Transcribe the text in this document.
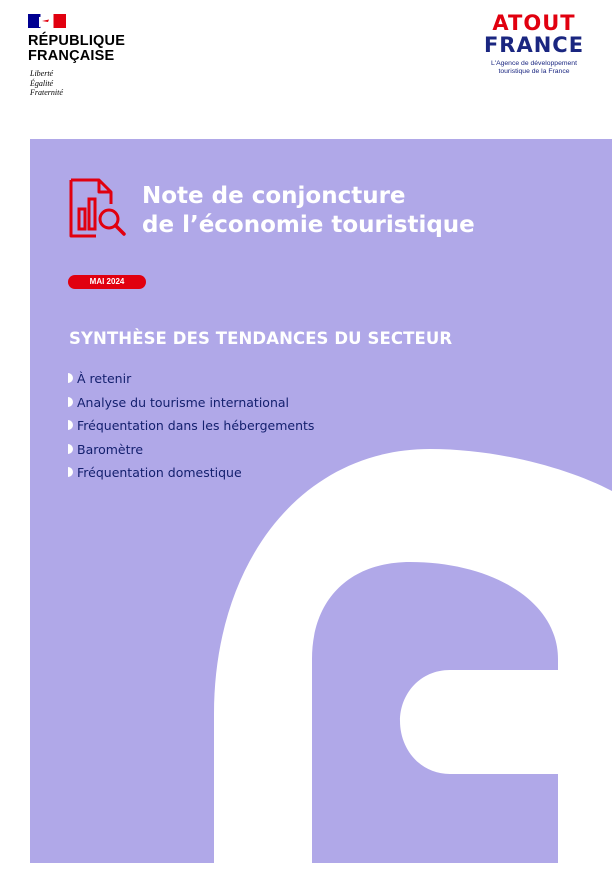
RÉPUBLIQUE
FRANÇAISE
Liberté
Égalité
Fraternité
ATOUT
FRANCE
L'Agence de développement
touristique de la France
Note de conjoncture
de l’économie touristique
MAI 2024
SYNTHÈSE DES TENDANCES DU SECTEUR
À retenir
Analyse du tourisme international
Fréquentation dans les hébergements
Baromètre
Fréquentation domestique
